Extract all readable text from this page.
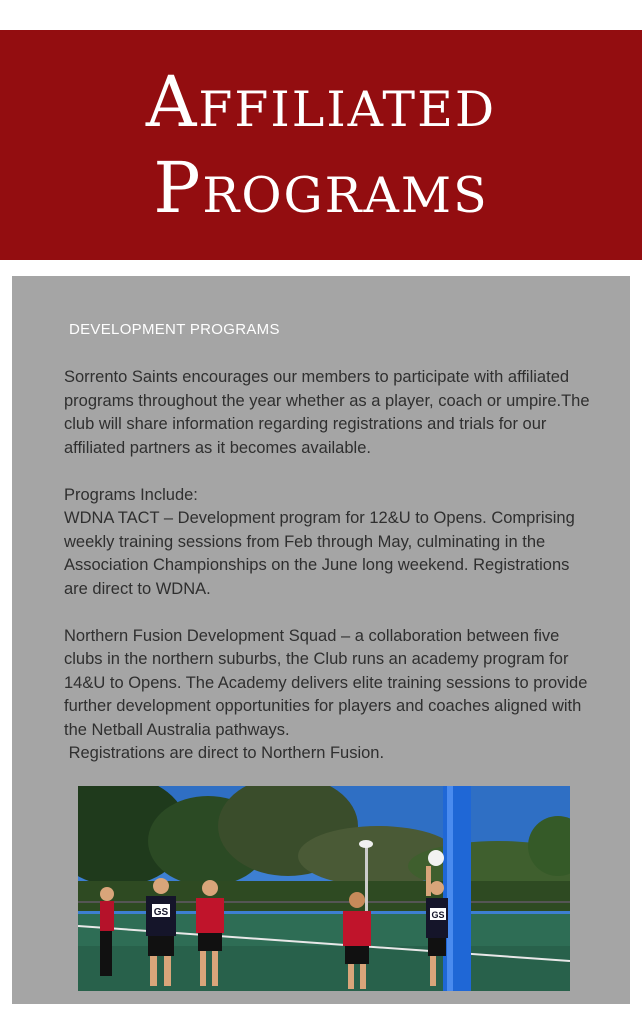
Affiliated
Programs
DEVELOPMENT PROGRAMS

Sorrento Saints encourages our members to participate with affiliated programs throughout the year whether as a player, coach or umpire.The club will share information regarding registrations and trials for our affiliated partners as it becomes available.

Programs Include:

WDNA TACT – Development program for 12&U to Opens. Comprising weekly training sessions from Feb through May, culminating in the Association Championships on the June long weekend. Registrations are direct to WDNA.

Northern Fusion Development Squad – a collaboration between five clubs in the northern suburbs, the Club runs an academy program for 14&U to Opens. The Academy delivers elite training sessions to provide further development opportunities for players and coaches aligned with the Netball Australia pathways.

Registrations are direct to Northern Fusion.

GS	GS
